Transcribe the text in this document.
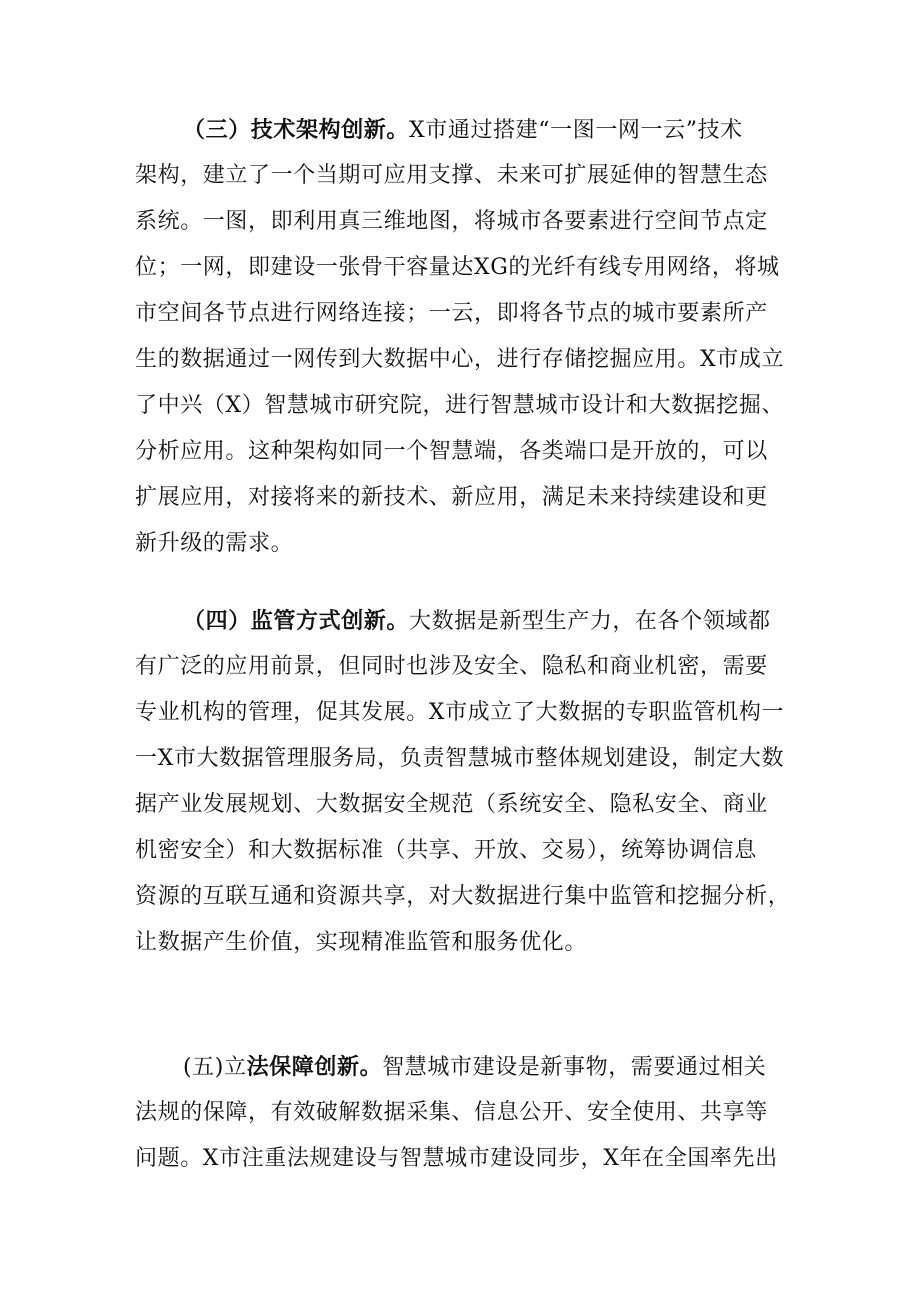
（三）技术架构创新。X市通过搭建“一图一网一云”技术
架构，建立了一个当期可应用支撑、未来可扩展延伸的智慧生态
系统。一图，即利用真三维地图，将城市各要素进行空间节点定
位；一网，即建设一张骨干容量达XG的光纤有线专用网络，将城
市空间各节点进行网络连接；一云，即将各节点的城市要素所产
生的数据通过一网传到大数据中心，进行存储挖掘应用。X市成立
了中兴（X）智慧城市研究院，进行智慧城市设计和大数据挖掘、
分析应用。这种架构如同一个智慧端，各类端口是开放的，可以
扩展应用，对接将来的新技术、新应用，满足未来持续建设和更
新升级的需求。
（四）监管方式创新。大数据是新型生产力，在各个领域都
有广泛的应用前景，但同时也涉及安全、隐私和商业机密，需要
专业机构的管理，促其发展。X市成立了大数据的专职监管机构一
一X市大数据管理服务局，负责智慧城市整体规划建设，制定大数
据产业发展规划、大数据安全规范（系统安全、隐私安全、商业
机密安全）和大数据标准（共享、开放、交易），统筹协调信息
资源的互联互通和资源共享，对大数据进行集中监管和挖掘分析，
让数据产生价值，实现精准监管和服务优化。
(五)立法保障创新。智慧城市建设是新事物，需要通过相关
法规的保障，有效破解数据采集、信息公开、安全使用、共享等
问题。X市注重法规建设与智慧城市建设同步，X年在全国率先出
